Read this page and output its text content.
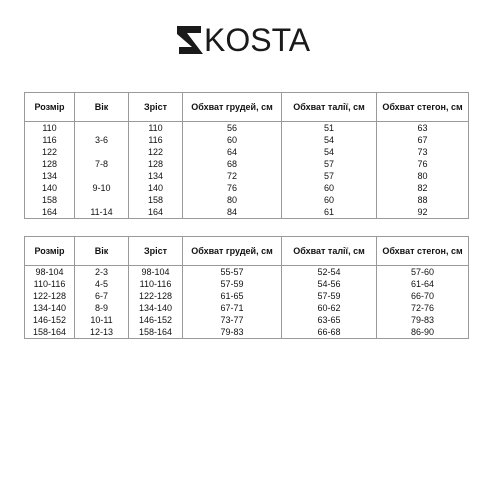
KOSTA
Розмір	Вік	Зріст	Обхват грудей, см	Обхват талії, см	Обхват стегон, см
110		110	56	51	63
116	3-6	116	60	54	67
122		122	64	54	73
128	7-8	128	68	57	76
134		134	72	57	80
140	9-10	140	76	60	82
158		158	80	60	88
164	11-14	164	84	61	92
Розмір	Вік	Зріст	Обхват грудей, см	Обхват талії, см	Обхват стегон, см
98-104	2-3	98-104	55-57	52-54	57-60
110-116	4-5	110-116	57-59	54-56	61-64
122-128	6-7	122-128	61-65	57-59	66-70
134-140	8-9	134-140	67-71	60-62	72-76
146-152	10-11	146-152	73-77	63-65	79-83
158-164	12-13	158-164	79-83	66-68	86-90
